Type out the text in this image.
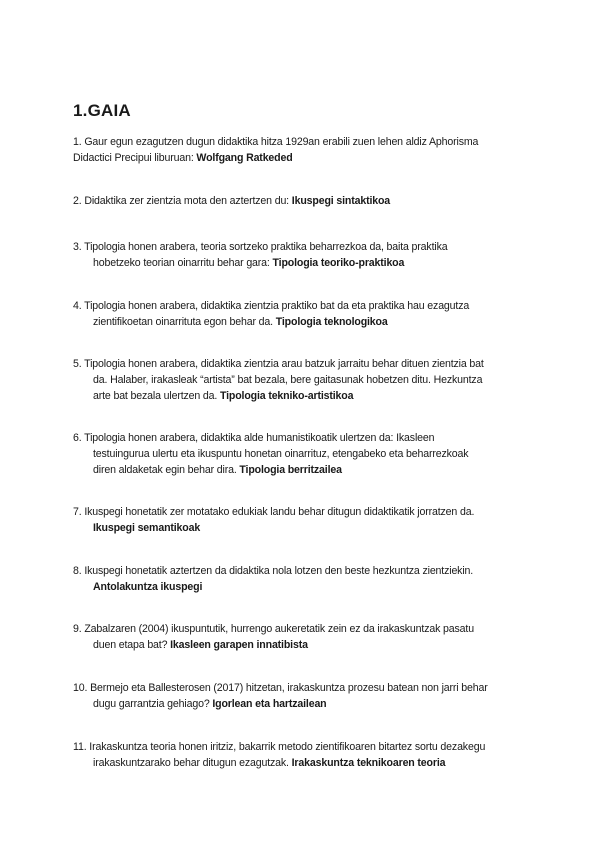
1.GAIA

1. Gaur egun ezagutzen dugun didaktika hitza 1929an erabili zuen lehen aldiz Aphorisma
Didactici Precipui liburuan: Wolfgang Ratkeded

2. Didaktika zer zientzia mota den aztertzen du: Ikuspegi sintaktikoa

3. Tipologia honen arabera, teoria sortzeko praktika beharrezkoa da, baita praktika
hobetzeko teorian oinarritu behar gara: Tipologia teoriko-praktikoa

4. Tipologia honen arabera, didaktika zientzia praktiko bat da eta praktika hau ezagutza
zientifikoetan oinarrituta egon behar da. Tipologia teknologikoa

5. Tipologia honen arabera, didaktika zientzia arau batzuk jarraitu behar dituen zientzia bat
da. Halaber, irakasleak “artista” bat bezala, bere gaitasunak hobetzen ditu. Hezkuntza
arte bat bezala ulertzen da. Tipologia tekniko-artistikoa

6. Tipologia honen arabera, didaktika alde humanistikoatik ulertzen da: Ikasleen
testuingurua ulertu eta ikuspuntu honetan oinarrituz, etengabeko eta beharrezkoak
diren aldaketak egin behar dira. Tipologia berritzailea

7. Ikuspegi honetatik zer motatako edukiak landu behar ditugun didaktikatik jorratzen da.
Ikuspegi semantikoak

8. Ikuspegi honetatik aztertzen da didaktika nola lotzen den beste hezkuntza zientziekin.
Antolakuntza ikuspegi

9. Zabalzaren (2004) ikuspuntutik, hurrengo aukeretatik zein ez da irakaskuntzak pasatu
duen etapa bat? Ikasleen garapen innatibista

10. Bermejo eta Ballesterosen (2017) hitzetan, irakaskuntza prozesu batean non jarri behar
dugu garrantzia gehiago? Igorlean eta hartzailean

11. Irakaskuntza teoria honen iritziz, bakarrik metodo zientifikoaren bitartez sortu dezakegu
irakaskuntzarako behar ditugun ezagutzak. Irakaskuntza teknikoaren teoria
